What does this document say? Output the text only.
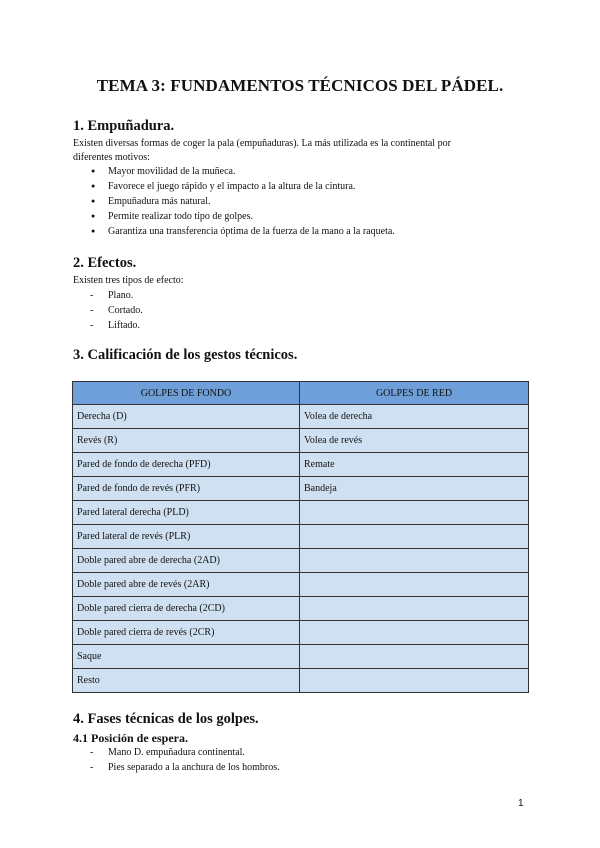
TEMA 3: FUNDAMENTOS TÉCNICOS DEL PÁDEL.
1. Empuñadura.
Existen diversas formas de coger la pala (empuñaduras). La más utilizada es la continental por
diferentes motivos:
● Mayor movilidad de la muñeca.
● Favorece el juego rápido y el impacto a la altura de la cintura.
● Empuñadura más natural.
● Permite realizar todo tipo de golpes.
● Garantiza una transferencia óptima de la fuerza de la mano a la raqueta.
2. Efectos.
Existen tres tipos de efecto:
- Plano.
- Cortado.
- Liftado.
3. Calificación de los gestos técnicos.
GOLPES DE FONDO	GOLPES DE RED
Derecha (D)	Volea de derecha
Revés (R)	Volea de revés
Pared de fondo de derecha (PFD)	Remate
Pared de fondo de revés (PFR)	Bandeja
Pared lateral derecha (PLD)	
Pared lateral de revés (PLR)	
Doble pared abre de derecha (2AD)	
Doble pared abre de revés (2AR)	
Doble pared cierra de derecha (2CD)	
Doble pared cierra de revés (2CR)	
Saque	
Resto	
4. Fases técnicas de los golpes.
4.1 Posición de espera.
- Mano D. empuñadura continental.
- Pies separado a la anchura de los hombros.
1
